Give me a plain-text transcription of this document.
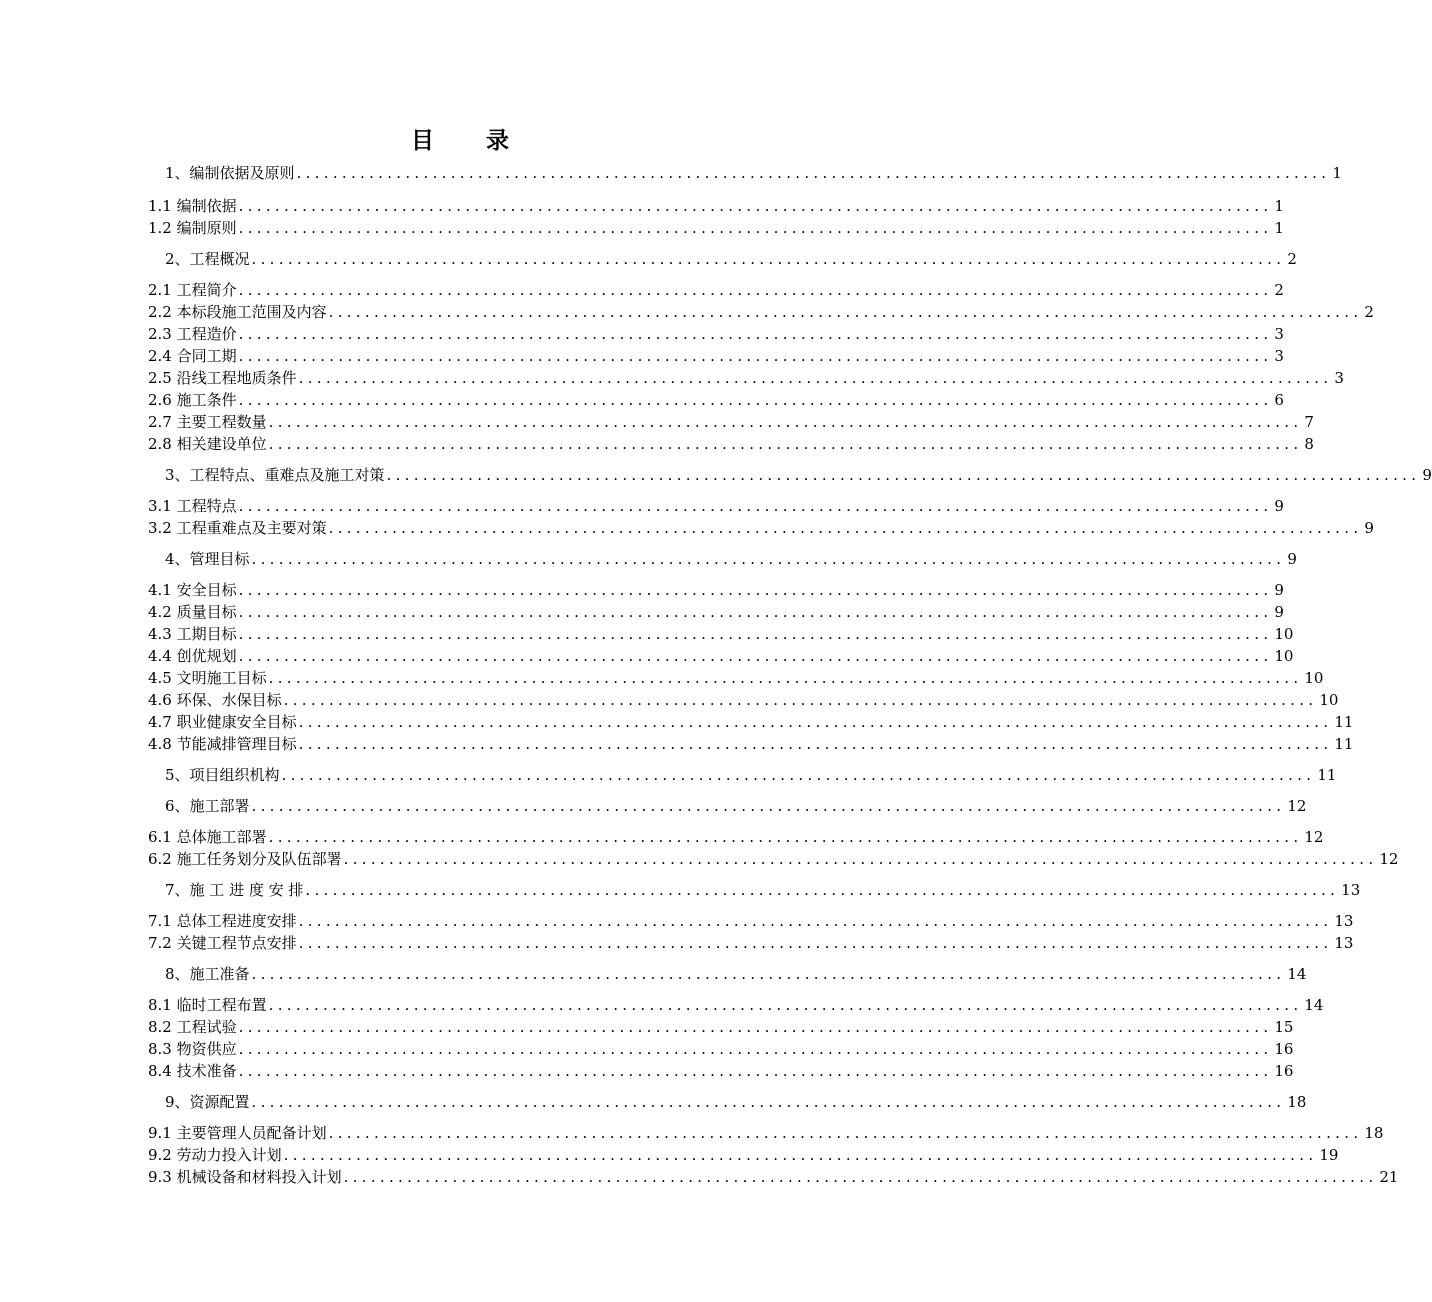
目 录
1、编制依据及原则 .................................................................................................................. 1
1.1 编制依据 .................................................................................................................. 1
1.2 编制原则 .................................................................................................................. 1
2、工程概况 .................................................................................................................. 2
2.1 工程简介 .................................................................................................................. 2
2.2 本标段施工范围及内容 .................................................................................................................. 2
2.3 工程造价 .................................................................................................................. 3
2.4 合同工期 .................................................................................................................. 3
2.5 沿线工程地质条件 .................................................................................................................. 3
2.6 施工条件 .................................................................................................................. 6
2.7 主要工程数量 .................................................................................................................. 7
2.8 相关建设单位 .................................................................................................................. 8
3、工程特点、重难点及施工对策 .................................................................................................................. 9
3.1 工程特点 .................................................................................................................. 9
3.2 工程重难点及主要对策 .................................................................................................................. 9
4、管理目标 .................................................................................................................. 9
4.1 安全目标 .................................................................................................................. 9
4.2 质量目标 .................................................................................................................. 9
4.3 工期目标 .................................................................................................................. 10
4.4 创优规划 .................................................................................................................. 10
4.5 文明施工目标 .................................................................................................................. 10
4.6 环保、水保目标 .................................................................................................................. 10
4.7 职业健康安全目标 .................................................................................................................. 11
4.8 节能减排管理目标 .................................................................................................................. 11
5、项目组织机构 .................................................................................................................. 11
6、施工部署 .................................................................................................................. 12
6.1 总体施工部署 .................................................................................................................. 12
6.2 施工任务划分及队伍部署 .................................................................................................................. 12
7、施 工 进 度 安 排 .................................................................................................................. 13
7.1 总体工程进度安排 .................................................................................................................. 13
7.2 关键工程节点安排 .................................................................................................................. 13
8、施工准备 .................................................................................................................. 14
8.1 临时工程布置 .................................................................................................................. 14
8.2 工程试验 .................................................................................................................. 15
8.3 物资供应 .................................................................................................................. 16
8.4 技术准备 .................................................................................................................. 16
9、资源配置 .................................................................................................................. 18
9.1 主要管理人员配备计划 .................................................................................................................. 18
9.2 劳动力投入计划 .................................................................................................................. 19
9.3 机械设备和材料投入计划 .................................................................................................................. 21
